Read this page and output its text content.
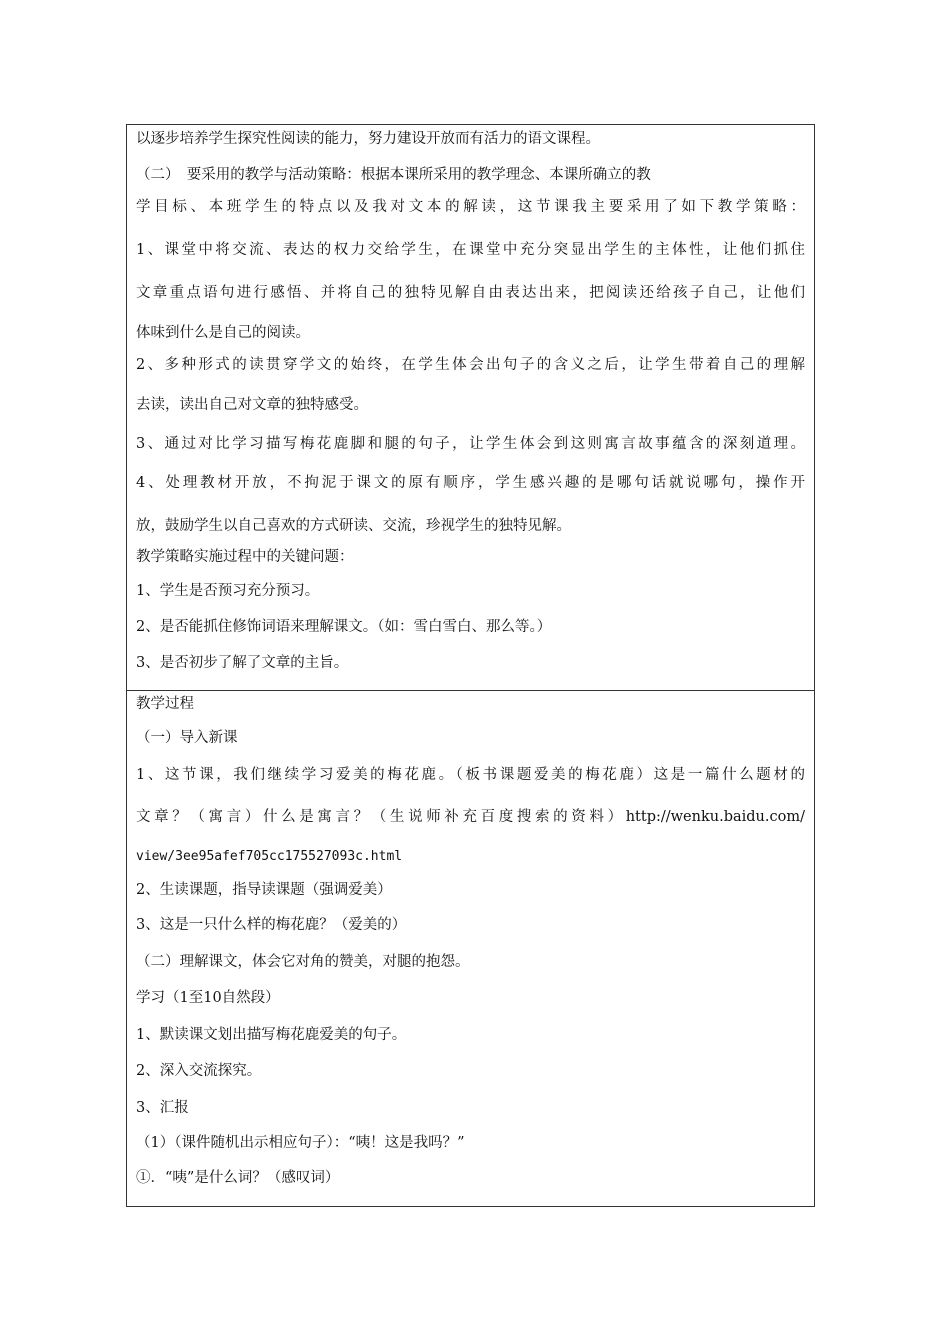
以逐步培养学生探究性阅读的能力，努力建设开放而有活力的语文课程。
（二）　要采用的教学与活动策略：根据本课所采用的教学理念、本课所确立的教
学目标、本班学生的特点以及我对文本的解读，这节课我主要采用了如下教学策略：
1、课堂中将交流、表达的权力交给学生，在课堂中充分突显出学生的主体性，让他们抓住
文章重点语句进行感悟、并将自己的独特见解自由表达出来，把阅读还给孩子自己，让他们
体味到什么是自己的阅读。
2、多种形式的读贯穿学文的始终，在学生体会出句子的含义之后，让学生带着自己的理解
去读，读出自己对文章的独特感受。
3、通过对比学习描写梅花鹿脚和腿的句子，让学生体会到这则寓言故事蕴含的深刻道理。
4、处理教材开放，不拘泥于课文的原有顺序，学生感兴趣的是哪句话就说哪句，操作开
放，鼓励学生以自己喜欢的方式研读、交流，珍视学生的独特见解。
教学策略实施过程中的关键问题：
1、学生是否预习充分预习。
2、是否能抓住修饰词语来理解课文。（如：雪白雪白、那么等。）
3、是否初步了解了文章的主旨。
教学过程
（一）导入新课
1、这节课，我们继续学习爱美的梅花鹿。（板书课题爱美的梅花鹿）这是一篇什么题材的
文章？（寓言）什么是寓言？（生说师补充百度搜索的资料）http://wenku.baidu.com/
view/3ee95afef705cc175527093c.html
2、生读课题，指导读课题（强调爱美）
3、这是一只什么样的梅花鹿？（爱美的）
（二）理解课文，体会它对角的赞美，对腿的抱怨。
学习（1至10自然段）
1、默读课文划出描写梅花鹿爱美的句子。
2、深入交流探究。
3、汇报
（1）（课件随机出示相应句子）：“咦！这是我吗？”
①．“咦”是什么词？（感叹词）
